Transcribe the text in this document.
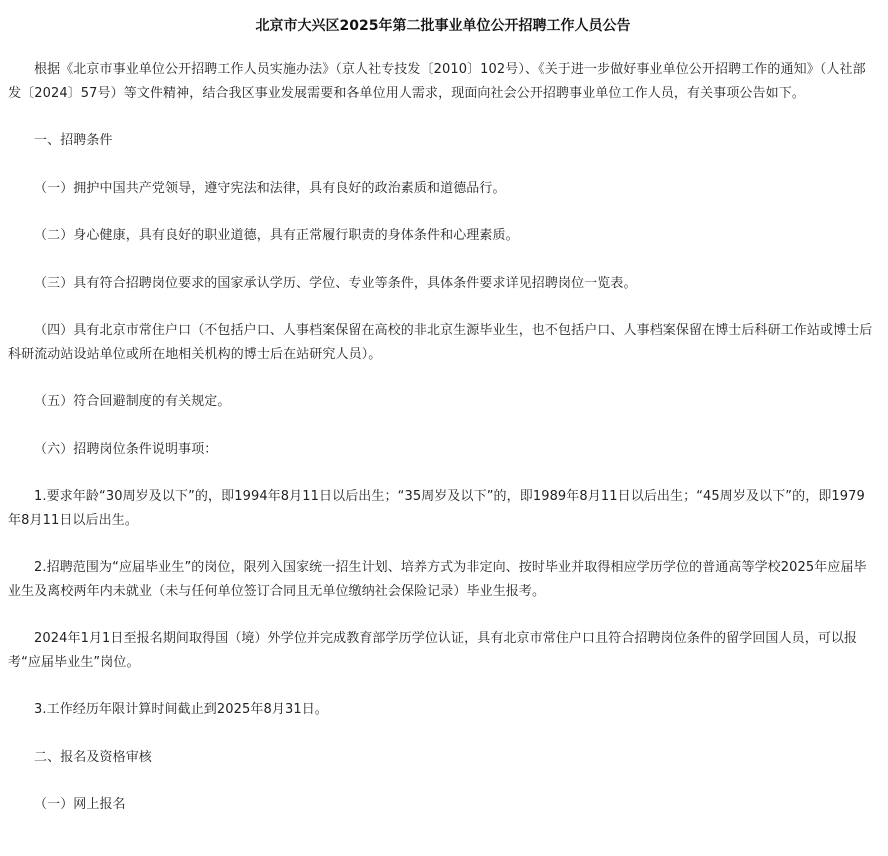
北京市大兴区2025年第二批事业单位公开招聘工作人员公告

根据《北京市事业单位公开招聘工作人员实施办法》（京人社专技发〔2010〕102号）、《关于进一步做好事业单位公开招聘工作的通知》（人社部发〔2024〕57号）等文件精神，结合我区事业发展需要和各单位用人需求，现面向社会公开招聘事业单位工作人员，有关事项公告如下。

一、招聘条件

（一）拥护中国共产党领导，遵守宪法和法律，具有良好的政治素质和道德品行。

（二）身心健康，具有良好的职业道德，具有正常履行职责的身体条件和心理素质。

（三）具有符合招聘岗位要求的国家承认学历、学位、专业等条件，具体条件要求详见招聘岗位一览表。

（四）具有北京市常住户口（不包括户口、人事档案保留在高校的非北京生源毕业生，也不包括户口、人事档案保留在博士后科研工作站或博士后科研流动站设站单位或所在地相关机构的博士后在站研究人员）。

（五）符合回避制度的有关规定。

（六）招聘岗位条件说明事项：

1.要求年龄“30周岁及以下”的，即1994年8月11日以后出生；“35周岁及以下”的，即1989年8月11日以后出生；“45周岁及以下”的，即1979年8月11日以后出生。

2.招聘范围为“应届毕业生”的岗位，限列入国家统一招生计划、培养方式为非定向、按时毕业并取得相应学历学位的普通高等学校2025年应届毕业生及离校两年内未就业（未与任何单位签订合同且无单位缴纳社会保险记录）毕业生报考。

2024年1月1日至报名期间取得国（境）外学位并完成教育部学历学位认证，具有北京市常住户口且符合招聘岗位条件的留学回国人员，可以报考“应届毕业生”岗位。

3.工作经历年限计算时间截止到2025年8月31日。

二、报名及资格审核

（一）网上报名
